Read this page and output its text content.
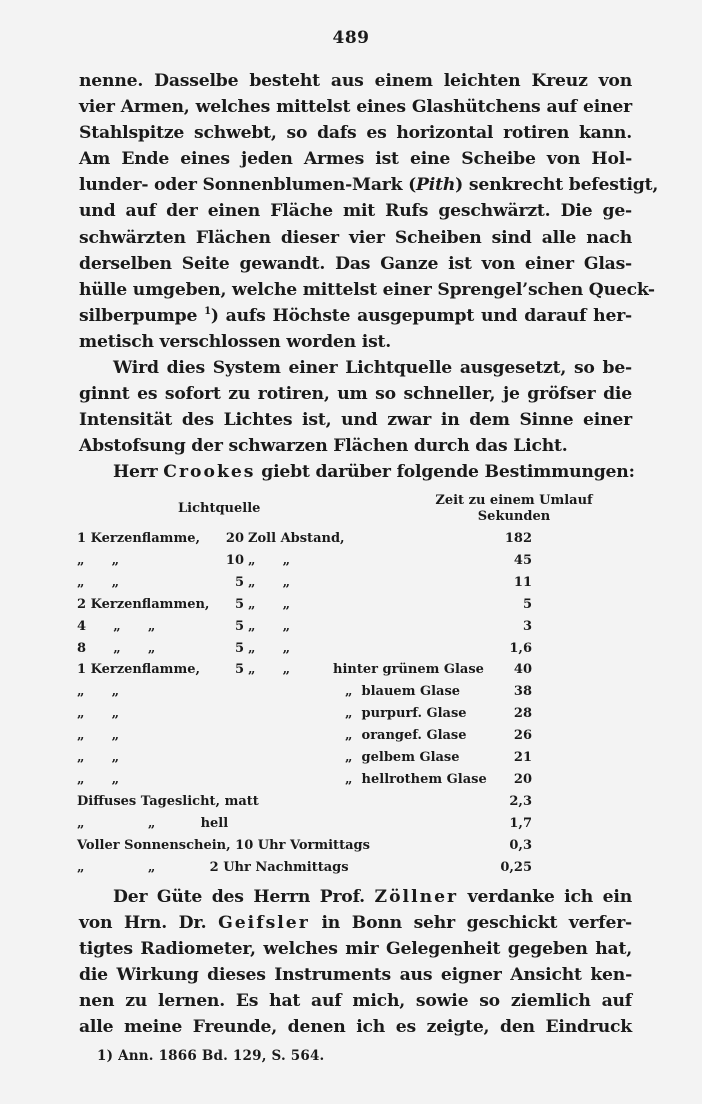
489
nenne. Dasselbe besteht aus einem leichten Kreuz von
vier Armen, welches mittelst eines Glashütchens auf einer
Stahlspitze schwebt, so dafs es horizontal rotiren kann.
Am Ende eines jeden Armes ist eine Scheibe von Hol-
lunder- oder Sonnenblumen-Mark (Pith) senkrecht befestigt,
und auf der einen Fläche mit Rufs geschwärzt. Die ge-
schwärzten Flächen dieser vier Scheiben sind alle nach
derselben Seite gewandt. Das Ganze ist von einer Glas-
hülle umgeben, welche mittelst einer Sprengel’schen Queck-
silberpumpe $^1$) aufs Höchste ausgepumpt und darauf her-
metisch verschlossen worden ist.
Wird dies System einer Lichtquelle ausgesetzt, so be-
ginnt es sofort zu rotiren, um so schneller, je gröfser die
Intensität des Lichtes ist, und zwar in dem Sinne einer
Abstofsung der schwarzen Flächen durch das Licht.
Herr Crookes giebt darüber folgende Bestimmungen:
Lichtquelle
Zeit zu einem Umlauf
Sekunden
1 Kerzenflamme,	20 Zoll Abstand,	182
„      „	10 „      „	45
„      „	5 „      „	11
2 Kerzenflammen,	5 „      „	5
4      „      „	5 „      „	3
8      „      „	5 „      „	1,6
1 Kerzenflamme,	5 „      „	hinter grünem Glase	40
„      „	„  blauem Glase	38
„      „	„  purpurf. Glase	28
„      „	„  orangef. Glase	26
„      „	„  gelbem Glase	21
„      „	„  hellrothem Glase	20
Diffuses Tageslicht, matt	2,3
„              „          hell	1,7
Voller Sonnenschein, 10 Uhr Vormittags	0,3
„              „            2 Uhr Nachmittags	0,25
Der Güte des Herrn Prof. Zöllner verdanke ich ein
von Hrn. Dr. Geifsler in Bonn sehr geschickt verfer-
tigtes Radiometer, welches mir Gelegenheit gegeben hat,
die Wirkung dieses Instruments aus eigner Ansicht ken-
nen zu lernen. Es hat auf mich, sowie so ziemlich auf
alle meine Freunde, denen ich es zeigte, den Eindruck
1) Ann. 1866 Bd. 129, S. 564.
